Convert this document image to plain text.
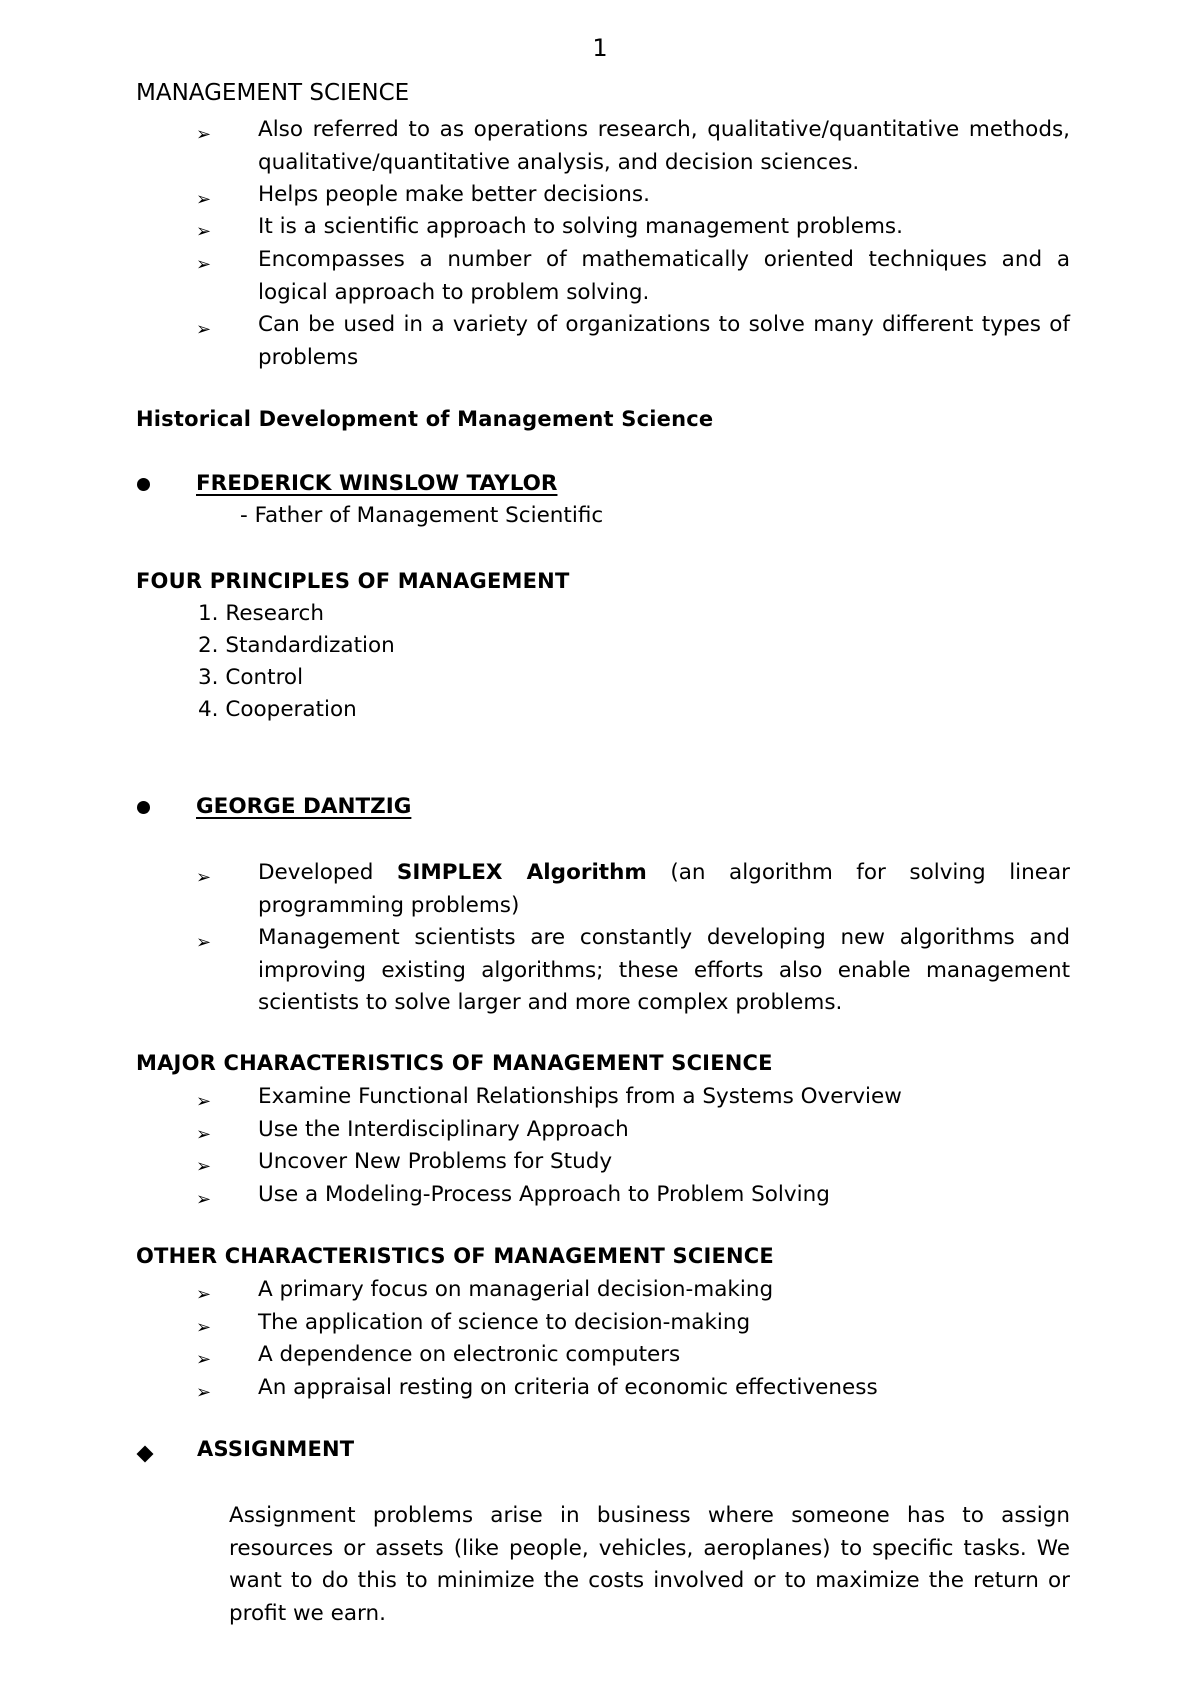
1
MANAGEMENT SCIENCE
➢ Also referred to as operations research, qualitative/quantitative methods, qualitative/quantitative analysis, and decision sciences.
➢ Helps people make better decisions.
➢ It is a scientific approach to solving management problems.
➢ Encompasses a number of mathematically oriented techniques and a logical approach to problem solving.
➢ Can be used in a variety of organizations to solve many different types of problems
Historical Development of Management Science
FREDERICK WINSLOW TAYLOR
- Father of Management Scientific
FOUR PRINCIPLES OF MANAGEMENT
1. Research
2. Standardization
3. Control
4. Cooperation
GEORGE DANTZIG
➢ Developed SIMPLEX Algorithm (an algorithm for solving linear programming problems)
➢ Management scientists are constantly developing new algorithms and improving existing algorithms; these efforts also enable management scientists to solve larger and more complex problems.
MAJOR CHARACTERISTICS OF MANAGEMENT SCIENCE
➢ Examine Functional Relationships from a Systems Overview
➢ Use the Interdisciplinary Approach
➢ Uncover New Problems for Study
➢ Use a Modeling-Process Approach to Problem Solving
OTHER CHARACTERISTICS OF MANAGEMENT SCIENCE
➢ A primary focus on managerial decision-making
➢ The application of science to decision-making
➢ A dependence on electronic computers
➢ An appraisal resting on criteria of economic effectiveness
ASSIGNMENT
Assignment problems arise in business where someone has to assign resources or assets (like people, vehicles, aeroplanes) to specific tasks. We want to do this to minimize the costs involved or to maximize the return or profit we earn.
